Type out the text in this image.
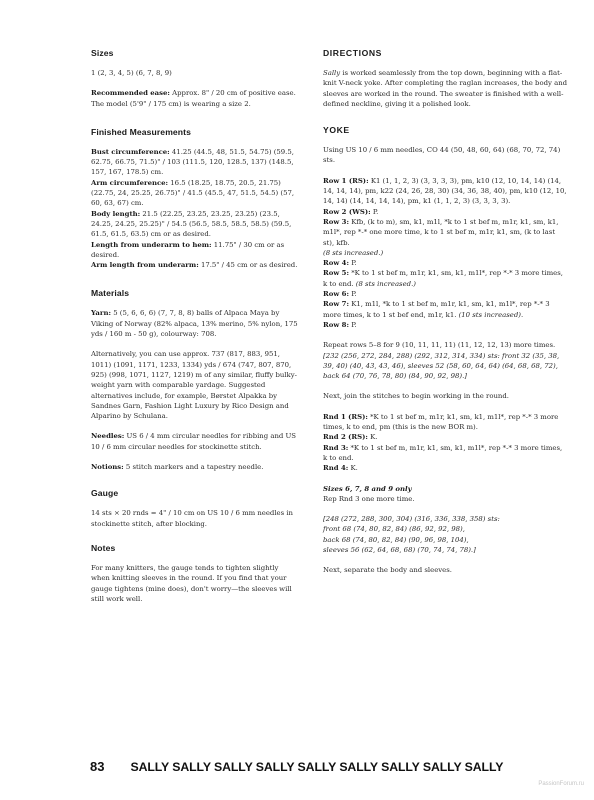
Sizes

1 (2, 3, 4, 5) (6, 7, 8, 9)

Recommended ease: Approx. 8" / 20 cm of positive ease. The model (5'9" / 175 cm) is wearing a size 2.

Finished Measurements

Bust circumference: 41.25 (44.5, 48, 51.5, 54.75) (59.5, 62.75, 66.75, 71.5)" / 103 (111.5, 120, 128.5, 137) (148.5, 157, 167, 178.5) cm.
Arm circumference: 16.5 (18.25, 18.75, 20.5, 21.75) (22.75, 24, 25.25, 26.75)" / 41.5 (45.5, 47, 51.5, 54.5) (57, 60, 63, 67) cm.
Body length: 21.5 (22.25, 23.25, 23.25, 23.25) (23.5, 24.25, 24.25, 25.25)" / 54.5 (56.5, 58.5, 58.5, 58.5) (59.5, 61.5, 61.5, 63.5) cm or as desired.
Length from underarm to hem: 11.75" / 30 cm or as desired.
Arm length from underarm: 17.5" / 45 cm or as desired.

Materials

Yarn: 5 (5, 6, 6, 6) (7, 7, 8, 8) balls of Alpaca Maya by Viking of Norway (82% alpaca, 13% merino, 5% nylon, 175 yds / 160 m - 50 g), colourway: 708.

Alternatively, you can use approx. 737 (817, 883, 951, 1011) (1091, 1171, 1233, 1334) yds / 674 (747, 807, 870, 925) (998, 1071, 1127, 1219) m of any similar, fluffy bulky-weight yarn with comparable yardage. Suggested alternatives include, for example, Børstet Alpakka by Sandnes Garn, Fashion Light Luxury by Rico Design and Alparino by Schulana.

Needles: US 6 / 4 mm circular needles for ribbing and US 10 / 6 mm circular needles for stockinette stitch.

Notions: 5 stitch markers and a tapestry needle.

Gauge

14 sts × 20 rnds = 4" / 10 cm on US 10 / 6 mm needles in stockinette stitch, after blocking.

Notes

For many knitters, the gauge tends to tighten slightly when knitting sleeves in the round. If you find that your gauge tightens (mine does), don't worry—the sleeves will still work well.

DIRECTIONS

Sally is worked seamlessly from the top down, beginning with a flat-knit V-neck yoke. After completing the raglan increases, the body and sleeves are worked in the round. The sweater is finished with a well-defined neckline, giving it a polished look.

YOKE

Using US 10 / 6 mm needles, CO 44 (50, 48, 60, 64) (68, 70, 72, 74) sts.

Row 1 (RS): K1 (1, 1, 2, 3) (3, 3, 3, 3), pm, k10 (12, 10, 14, 14) (14, 14, 14, 14), pm, k22 (24, 26, 28, 30) (34, 36, 38, 40), pm, k10 (12, 10, 14, 14) (14, 14, 14, 14), pm, k1 (1, 1, 2, 3) (3, 3, 3, 3).
Row 2 (WS): P.
Row 3: Kfb, (k to m), sm, k1, m1l, *k to 1 st bef m, m1r, k1, sm, k1, m1l*, rep *-* one more time, k to 1 st bef m, m1r, k1, sm, (k to last st), kfb.
(8 sts increased.)
Row 4: P.
Row 5: *K to 1 st bef m, m1r, k1, sm, k1, m1l*, rep *-* 3 more times, k to end. (8 sts increased.)
Row 6: P.
Row 7: K1, m1l, *k to 1 st bef m, m1r, k1, sm, k1, m1l*, rep *-* 3 more times, k to 1 st bef end, m1r, k1. (10 sts increased).
Row 8: P.

Repeat rows 5–8 for 9 (10, 11, 11, 11) (11, 12, 12, 13) more times. [232 (256, 272, 284, 288) (292, 312, 314, 334) sts: front 32 (35, 38, 39, 40) (40, 43, 43, 46), sleeves 52 (58, 60, 64, 64) (64, 68, 68, 72), back 64 (70, 76, 78, 80) (84, 90, 92, 98).]

Next, join the stitches to begin working in the round.

Rnd 1 (RS): *K to 1 st bef m, m1r, k1, sm, k1, m1l*, rep *-* 3 more times, k to end, pm (this is the new BOR m).
Rnd 2 (RS): K.
Rnd 3: *K to 1 st bef m, m1r, k1, sm, k1, m1l*, rep *-* 3 more times, k to end.
Rnd 4: K.

Sizes 6, 7, 8 and 9 only
Rep Rnd 3 one more time.

[248 (272, 288, 300, 304) (316, 336, 338, 358) sts:
front 68 (74, 80, 82, 84) (86, 92, 92, 98),
back 68 (74, 80, 82, 84) (90, 96, 98, 104),
sleeves 56 (62, 64, 68, 68) (70, 74, 74, 78).]

Next, separate the body and sleeves.

83 SALLY SALLY SALLY SALLY SALLY SALLY SALLY SALLY SALLY
PassionForum.ru
